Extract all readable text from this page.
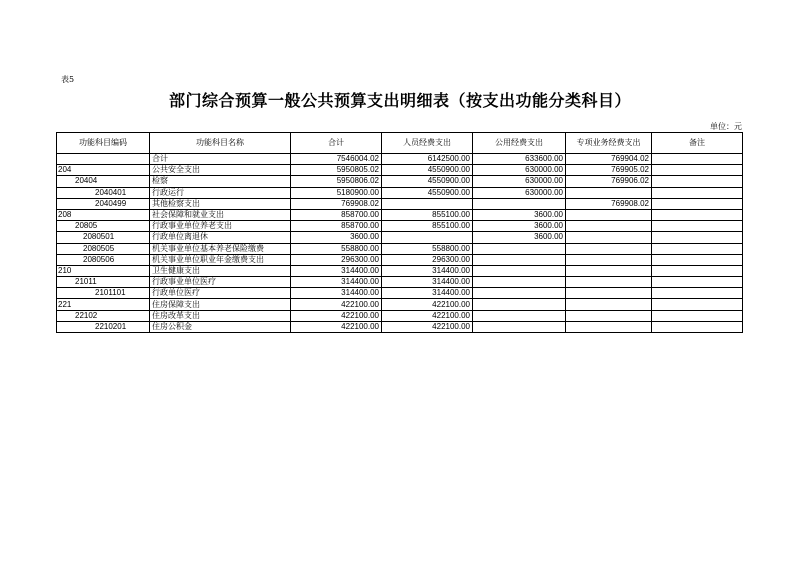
表5
部门综合预算一般公共预算支出明细表（按支出功能分类科目）
单位：元
功能科目编码	功能科目名称	合计	人员经费支出	公用经费支出	专项业务经费支出	备注
	合计	7546004.02	6142500.00	633600.00	769904.02	
204	公共安全支出	5950805.02	4550900.00	630000.00	769905.02	
20404	检察	5950806.02	4550900.00	630000.00	769906.02	
2040401	行政运行	5180900.00	4550900.00	630000.00		
2040499	其他检察支出	769908.02			769908.02	
208	社会保障和就业支出	858700.00	855100.00	3600.00		
20805	行政事业单位养老支出	858700.00	855100.00	3600.00		
2080501	行政单位离退休	3600.00		3600.00		
2080505	机关事业单位基本养老保险缴费	558800.00	558800.00			
2080506	机关事业单位职业年金缴费支出	296300.00	296300.00			
210	卫生健康支出	314400.00	314400.00			
21011	行政事业单位医疗	314400.00	314400.00			
2101101	行政单位医疗	314400.00	314400.00			
221	住房保障支出	422100.00	422100.00			
22102	住房改革支出	422100.00	422100.00			
2210201	住房公积金	422100.00	422100.00			
